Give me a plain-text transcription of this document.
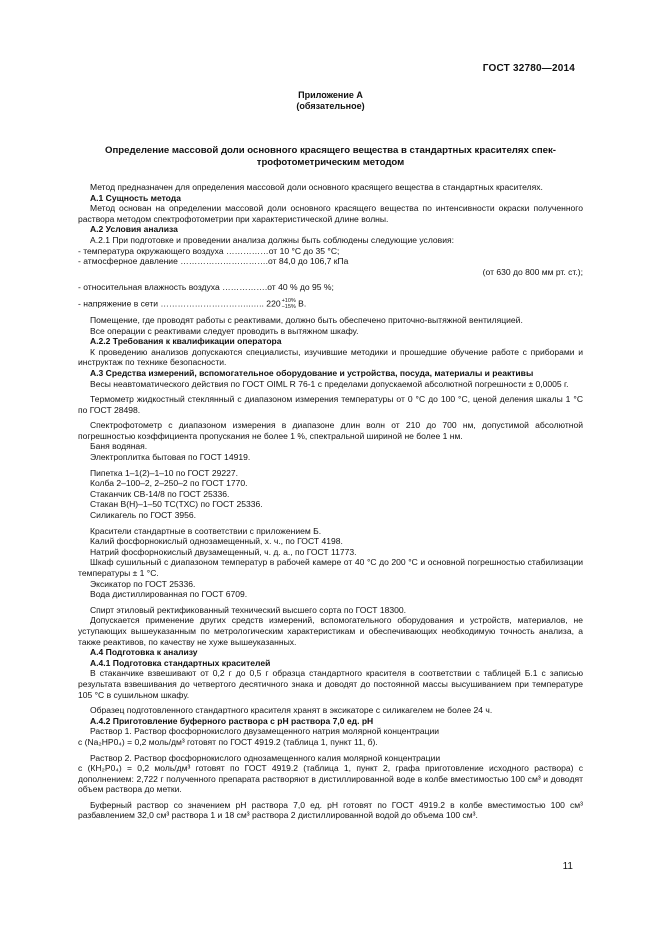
ГОСТ 32780—2014
Приложение А
(обязательное)
Определение массовой доли основного красящего вещества в стандартных красителях спектрофотометрическим методом

Метод предназначен для определения массовой доли основного красящего вещества в стандартных красителях.

А.1 Сущность метода

Метод основан на определении массовой доли основного красящего вещества по интенсивности окраски полученного раствора методом спектрофотометрии при характеристической длине волны.

А.2 Условия анализа

А.2.1 При подготовке и проведении анализа должны быть соблюдены следующие условия:

- температура окружающего воздуха ……………от 10 °С до 35 °С;

- атмосферное давление ………………………….от 84,0 до 106,7 кПа

(от 630 до 800 мм рт. ст.);

- относительная влажность воздуха …………….от 40 % до 95 %;

- напряжение в сети …………………………..….. 220+10%
−15% В.

Помещение, где проводят работы с реактивами, должно быть обеспечено приточно-вытяжной вентиляцией.

Все операции с реактивами следует проводить в вытяжном шкафу.

А.2.2 Требования к квалификации оператора

К проведению анализов допускаются специалисты, изучившие методики и прошедшие обучение работе с приборами и инструктаж по технике безопасности.

А.3 Средства измерений, вспомогательное оборудование и устройства, посуда, материалы и реактивы

Весы неавтоматического действия по ГОСТ OIML R 76-1 с пределами допускаемой абсолютной погрешности ± 0,0005 г.

Термометр жидкостный стеклянный с диапазоном измерения температуры от 0 °С до 100 °С, ценой деления шкалы 1 °С по ГОСТ 28498.

Спектрофотометр с диапазоном измерения в диапазоне длин волн от 210 до 700 нм, допустимой абсолютной погрешностью коэффициента пропускания не более 1 %, спектральной шириной не более 1 нм.

Баня водяная.

Электроплитка бытовая по ГОСТ 14919.

Пипетка 1–1(2)–1–10 по ГОСТ 29227.

Колба 2–100–2, 2–250–2 по ГОСТ 1770.

Стаканчик СВ-14/8 по ГОСТ 25336.

Стакан В(Н)–1–50 ТС(ТХС) по ГОСТ 25336.

Силикагель по ГОСТ 3956.

Красители стандартные в соответствии с приложением Б.

Калий фосфорнокислый однозамещенный, х. ч., по ГОСТ 4198.

Натрий фосфорнокислый двузамещенный, ч. д. а., по ГОСТ 11773.

Шкаф сушильный с диапазоном температур в рабочей камере от 40 °С до 200 °С и основной погрешностью стабилизации температуры ± 1 °С.

Эксикатор по ГОСТ 25336.

Вода дистиллированная по ГОСТ 6709.

Спирт этиловый ректификованный технический высшего сорта по ГОСТ 18300.

Допускается применение других средств измерений, вспомогательного оборудования и устройств, материалов, не уступающих вышеуказанным по метрологическим характеристикам и обеспечивающих необходимую точность анализа, а также реактивов, по качеству не хуже вышеуказанных.

А.4 Подготовка к анализу

А.4.1 Подготовка стандартных красителей

В стаканчике взвешивают от 0,2 г до 0,5 г образца стандартного красителя в соответствии с таблицей Б.1 с записью результата взвешивания до четвертого десятичного знака и доводят до постоянной массы высушиванием при температуре 105 °С в сушильном шкафу.

Образец подготовленного стандартного красителя хранят в эксикаторе с силикагелем не более 24 ч.

А.4.2 Приготовление буферного раствора с рН раствора 7,0 ед. рН

Раствор 1. Раствор фосфорнокислого двузамещенного натрия молярной концентрации

с (Na₂HP0₄) = 0,2 моль/дм³ готовят по ГОСТ 4919.2 (таблица 1, пункт 11, б).

Раствор 2. Раствор фосфорнокислого однозамещенного калия молярной концентрации

с (КН₂P0₄) = 0,2 моль/дм³ готовят по ГОСТ 4919.2 (таблица 1, пункт 2, графа приготовление исходного раствора) с дополнением: 2,722 г полученного препарата растворяют в дистиллированной воде в колбе вместимостью 100 см³ и доводят объем раствора до метки.

Буферный раствор со значением pH раствора 7,0 ед. pH готовят по ГОСТ 4919.2 в колбе вместимостью 100 см³ разбавлением 32,0 см³ раствора 1 и 18 см³ раствора 2 дистиллированной водой до объема 100 см³.

11
